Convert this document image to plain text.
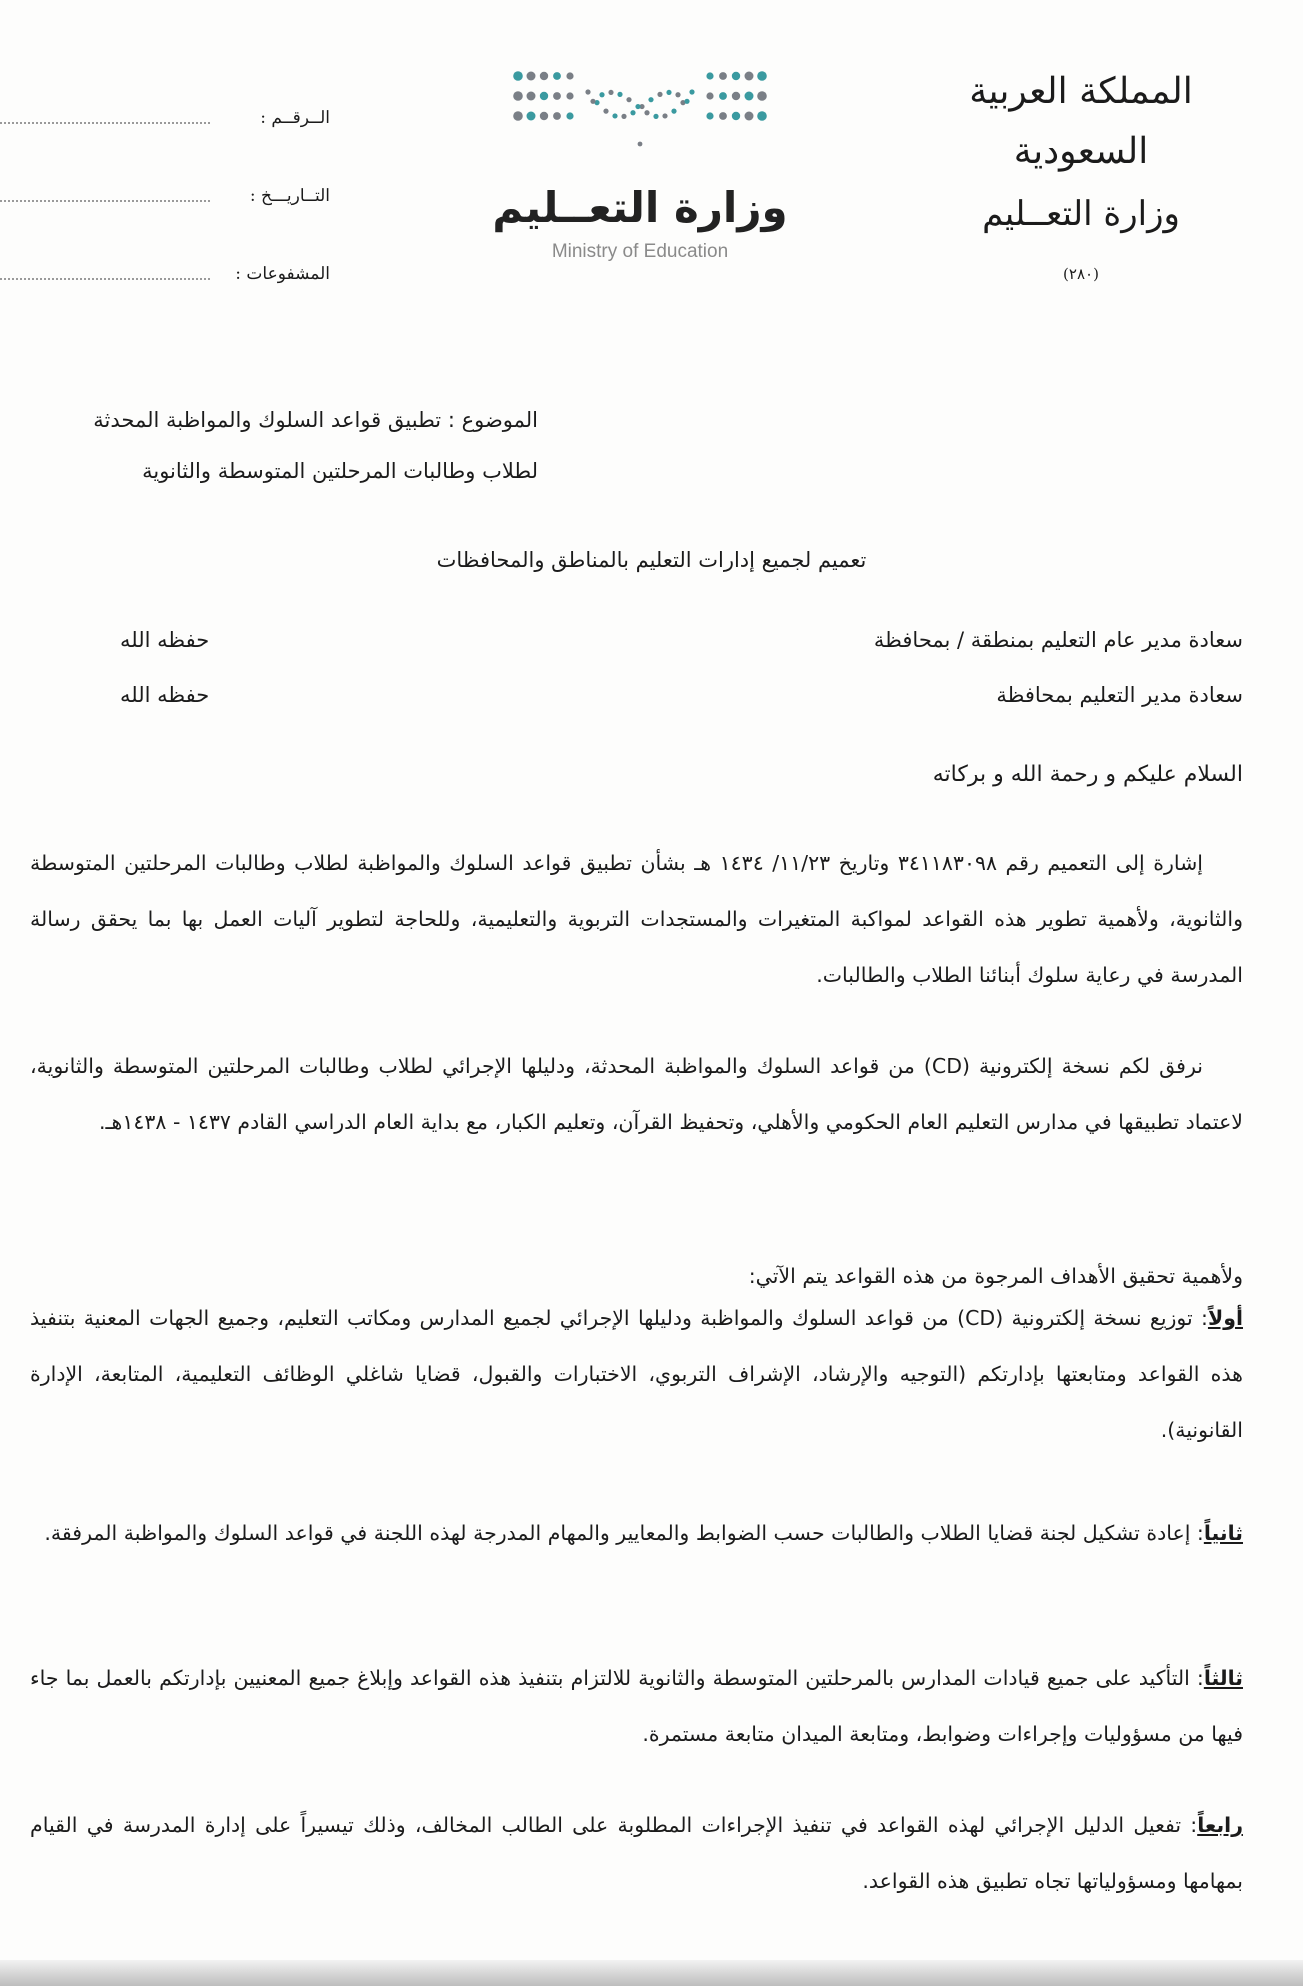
المملكة العربية السعودية
وزارة التعــليم
(٢٨٠)
وزارة التعــليم
Ministry of Education
الــرقــم :
التــاريـــخ :
المشفوعات :
الموضوع : تطبيق قواعد السلوك والمواظبة المحدثة
لطلاب وطالبات المرحلتين المتوسطة والثانوية
تعميم لجميع إدارات التعليم بالمناطق والمحافظات
سعادة مدير عام التعليم بمنطقة / بمحافظة
حفظه الله
سعادة مدير التعليم بمحافظة
حفظه الله
السلام عليكم و رحمة الله و بركاته
إشارة إلى التعميم رقم ٣٤١١٨٣٠٩٨ وتاريخ ١١/٢٣/ ١٤٣٤ هـ بشأن تطبيق قواعد السلوك والمواظبة لطلاب وطالبات المرحلتين المتوسطة والثانوية، ولأهمية تطوير هذه القواعد لمواكبة المتغيرات والمستجدات التربوية والتعليمية، وللحاجة لتطوير آليات العمل بها بما يحقق رسالة المدرسة في رعاية سلوك أبنائنا الطلاب والطالبات.
نرفق لكم نسخة إلكترونية (CD) من قواعد السلوك والمواظبة المحدثة، ودليلها الإجرائي لطلاب وطالبات المرحلتين المتوسطة والثانوية، لاعتماد تطبيقها في مدارس التعليم العام الحكومي والأهلي، وتحفيظ القرآن، وتعليم الكبار، مع بداية العام الدراسي القادم ١٤٣٧ - ١٤٣٨هـ.
ولأهمية تحقيق الأهداف المرجوة من هذه القواعد يتم الآتي:
أولاً: توزيع نسخة إلكترونية (CD) من قواعد السلوك والمواظبة ودليلها الإجرائي لجميع المدارس ومكاتب التعليم، وجميع الجهات المعنية بتنفيذ هذه القواعد ومتابعتها بإدارتكم (التوجيه والإرشاد، الإشراف التربوي، الاختبارات والقبول، قضايا شاغلي الوظائف التعليمية، المتابعة، الإدارة القانونية).
ثانياً: إعادة تشكيل لجنة قضايا الطلاب والطالبات حسب الضوابط والمعايير والمهام المدرجة لهذه اللجنة في قواعد السلوك والمواظبة المرفقة.
ثالثاً: التأكيد على جميع قيادات المدارس بالمرحلتين المتوسطة والثانوية للالتزام بتنفيذ هذه القواعد وإبلاغ جميع المعنيين بإدارتكم بالعمل بما جاء فيها من مسؤوليات وإجراءات وضوابط، ومتابعة الميدان متابعة مستمرة.
رابعاً: تفعيل الدليل الإجرائي لهذه القواعد في تنفيذ الإجراءات المطلوبة على الطالب المخالف، وذلك تيسيراً على إدارة المدرسة في القيام بمهامها ومسؤولياتها تجاه تطبيق هذه القواعد.
